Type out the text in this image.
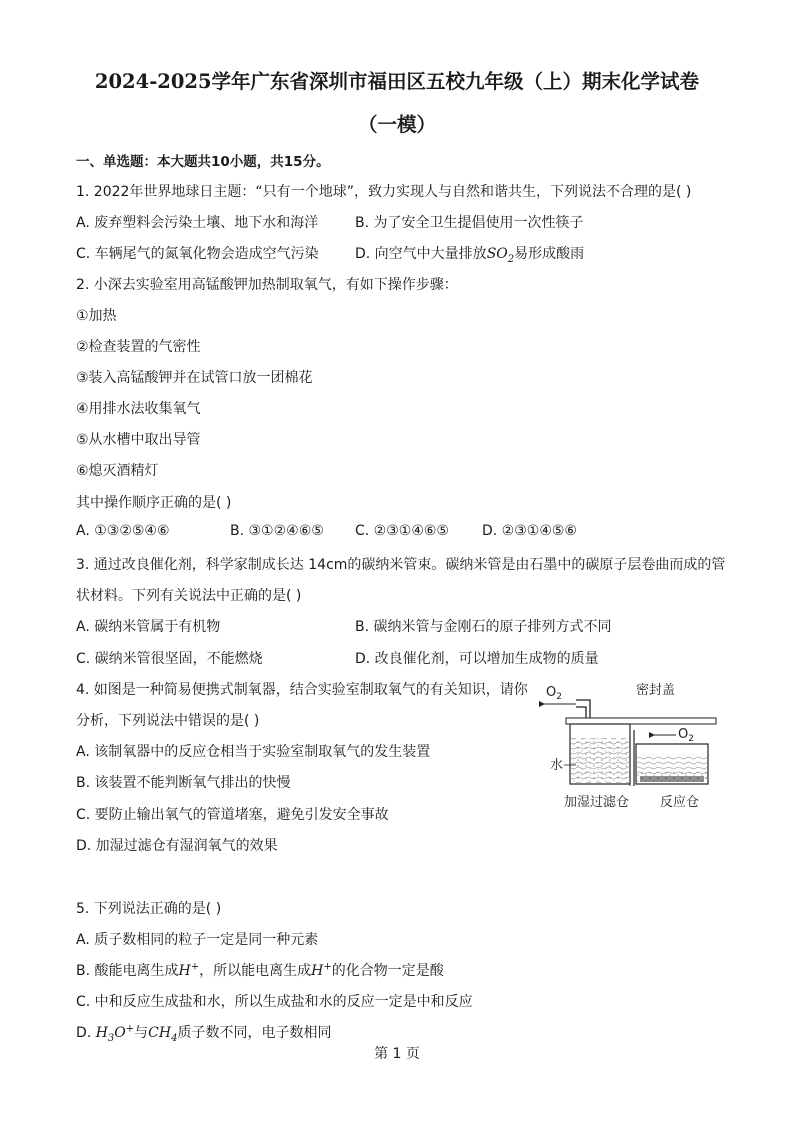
2024-2025学年广东省深圳市福田区五校九年级（上）期末化学试卷
（一模）
一、单选题：本大题共10小题，共15分。
1. 2022年世界地球日主题：“只有一个地球”，致力实现人与自然和谐共生，下列说法不合理的是( )
A. 废弃塑料会污染土壤、地下水和海洋	B. 为了安全卫生提倡使用一次性筷子
C. 车辆尾气的氮氧化物会造成空气污染	D. 向空气中大量排放$SO_2$易形成酸雨
2. 小深去实验室用高锰酸钾加热制取氧气，有如下操作步骤：
①加热
②检查装置的气密性
③装入高锰酸钾并在试管口放一团棉花
④用排水法收集氧气
⑤从水槽中取出导管
⑥熄灭酒精灯
其中操作顺序正确的是( )
A. ①③②⑤④⑥	B. ③①②④⑥⑤ C. ②③①④⑥⑤ D. ②③①④⑤⑥
3. 通过改良催化剂，科学家制成长达 14cm的碳纳米管束。碳纳米管是由石墨中的碳原子层卷曲而成的管
状材料。下列有关说法中正确的是( )
A. 碳纳米管属于有机物	B. 碳纳米管与金刚石的原子排列方式不同
C. 碳纳米管很坚固，不能燃烧	D. 改良催化剂，可以增加生成物的质量
4. 如图是一种简易便携式制氧器，结合实验室制取氧气的有关知识，请你
分析，下列说法中错误的是( )
A. 该制氧器中的反应仓相当于实验室制取氧气的发生装置
B. 该装置不能判断氧气排出的快慢
C. 要防止输出氧气的管道堵塞，避免引发安全事故
D. 加湿过滤仓有湿润氧气的效果
$O_2$	密封盖
$O_2$
水
加湿过滤仓 反应仓
5. 下列说法正确的是( )
A. 质子数相同的粒子一定是同一种元素
B. 酸能电离生成H+，所以能电离生成H+的化合物一定是酸
C. 中和反应生成盐和水，所以生成盐和水的反应一定是中和反应
D. $H_3O^+$与$CH_4$质子数不同，电子数相同
第 1 页
